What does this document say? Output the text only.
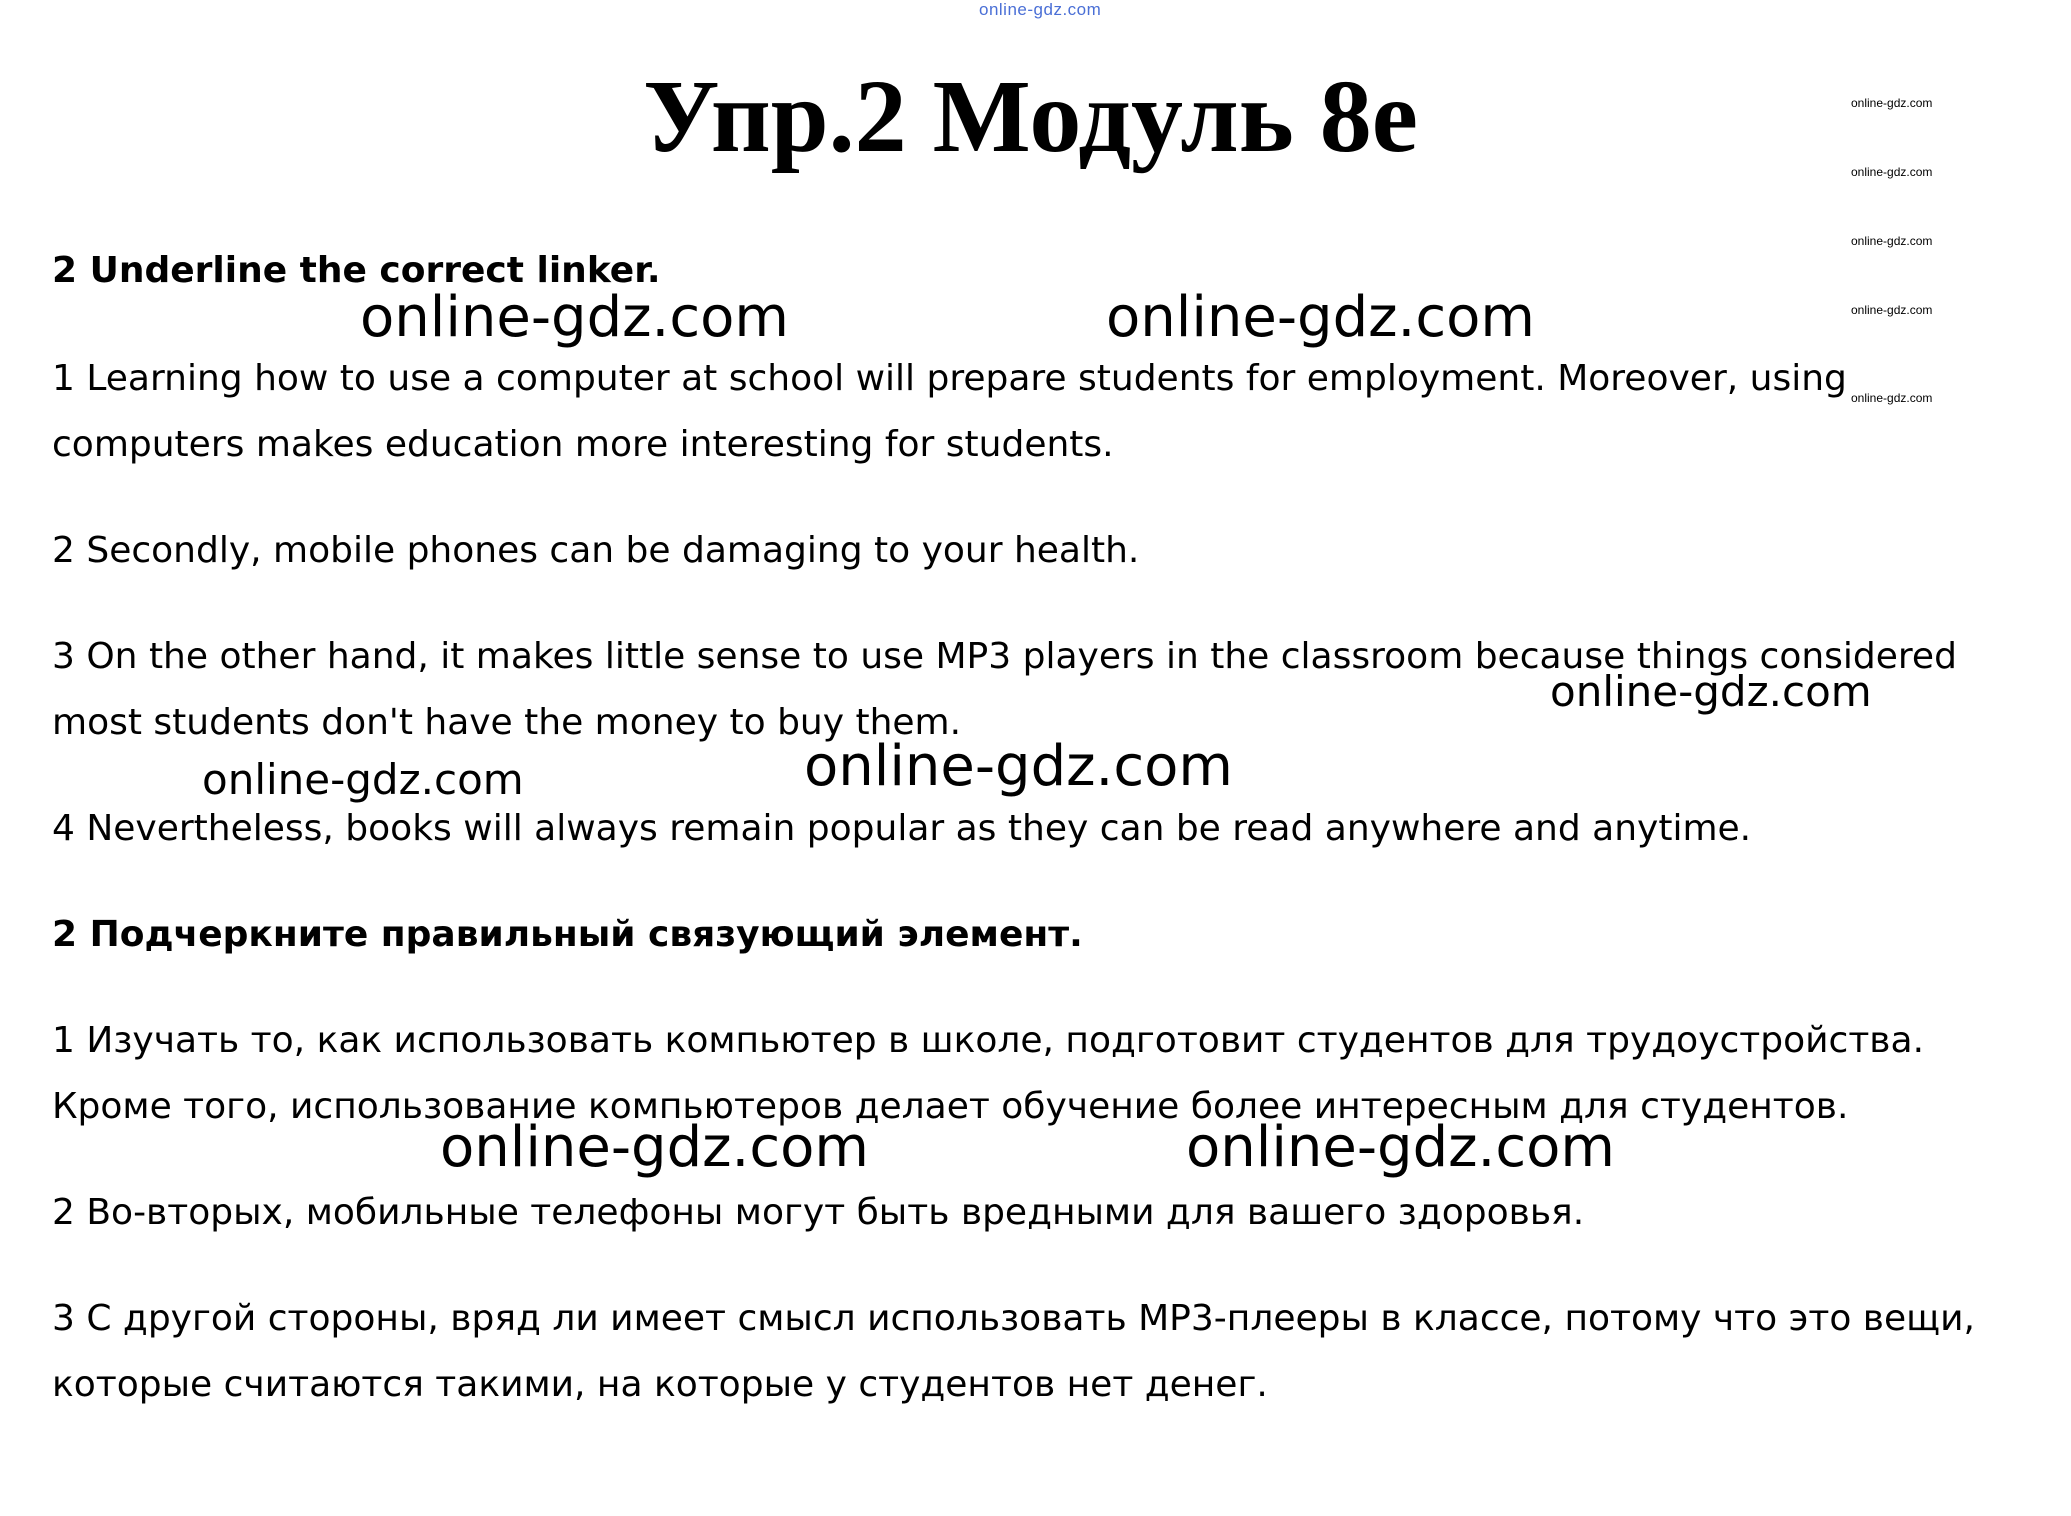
online-gdz.com
Упр.2 Модуль 8е	online-gdz.com
online-gdz.com
online-gdz.com
online-gdz.com
online-gdz.com

2 Underline the correct linker.

1 Learning how to use a computer at school will prepare students for employment. Moreover, using computers makes education more interesting for students.

2 Secondly, mobile phones can be damaging to your health.

3 On the other hand, it makes little sense to use MP3 players in the classroom because things considered most students don't have the money to buy them.

4 Nevertheless, books will always remain popular as they can be read anywhere and anytime.

2 Подчеркните правильный связующий элемент.

1 Изучать то, как использовать компьютер в школе, подготовит студентов для трудоустройства. Кроме того, использование компьютеров делает обучение более интересным для студентов.

2 Во-вторых, мобильные телефоны могут быть вредными для вашего здоровья.

3 С другой стороны, вряд ли имеет смысл использовать MP3-плееры в классе, потому что это вещи, которые считаются такими, на которые у студентов нет денег.

online-gdz.com	online-gdz.com
online-gdz.com
online-gdz.com	online-gdz.com
online-gdz.com
online-gdz.com
